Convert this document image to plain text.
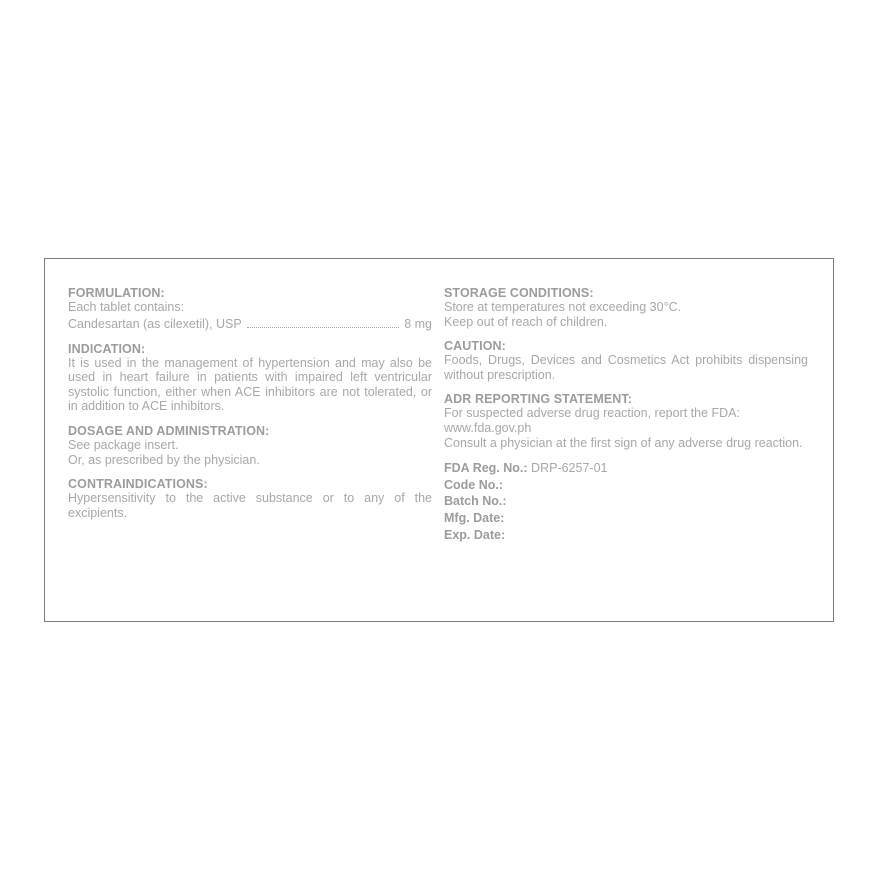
FORMULATION:
Each tablet contains:
Candesartan (as cilexetil), USP	8 mg
INDICATION:
It is used in the management of hypertension and may also be used in heart failure in patients with impaired left ventricular systolic function, either when ACE inhibitors are not tolerated, or in addition to ACE inhibitors.
DOSAGE AND ADMINISTRATION:
See package insert.
Or, as prescribed by the physician.
CONTRAINDICATIONS:
Hypersensitivity to the active substance or to any of the excipients.
STORAGE CONDITIONS:
Store at temperatures not exceeding 30°C.
Keep out of reach of children.
CAUTION:
Foods, Drugs, Devices and Cosmetics Act prohibits dispensing without prescription.
ADR REPORTING STATEMENT:
For suspected adverse drug reaction, report the FDA:
www.fda.gov.ph
Consult a physician at the first sign of any adverse drug reaction.
FDA Reg. No.: DRP-6257-01
Code No.:
Batch No.:
Mfg. Date:
Exp. Date:
